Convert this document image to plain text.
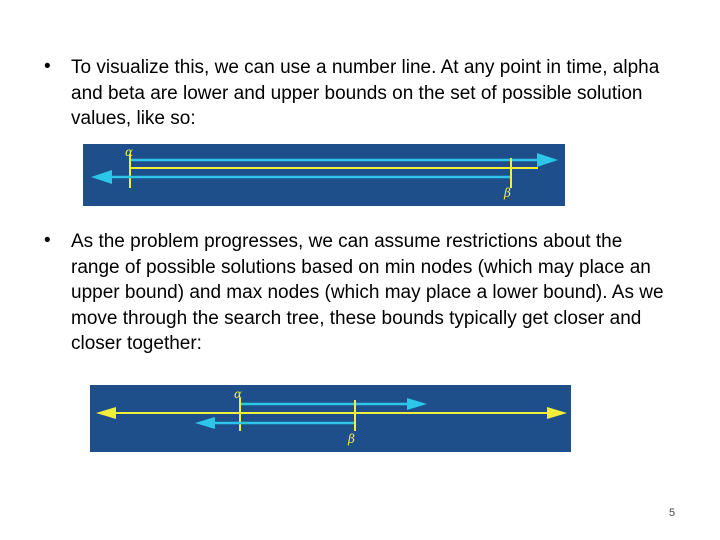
• To visualize this, we can use a number line. At any point in time, alpha and beta are lower and upper bounds on the set of possible solution values, like so:
α
β
• As the problem progresses, we can assume restrictions about the range of possible solutions based on min nodes (which may place an upper bound) and max nodes (which may place a lower bound). As we move through the search tree, these bounds typically get closer and closer together:
α
β
5
